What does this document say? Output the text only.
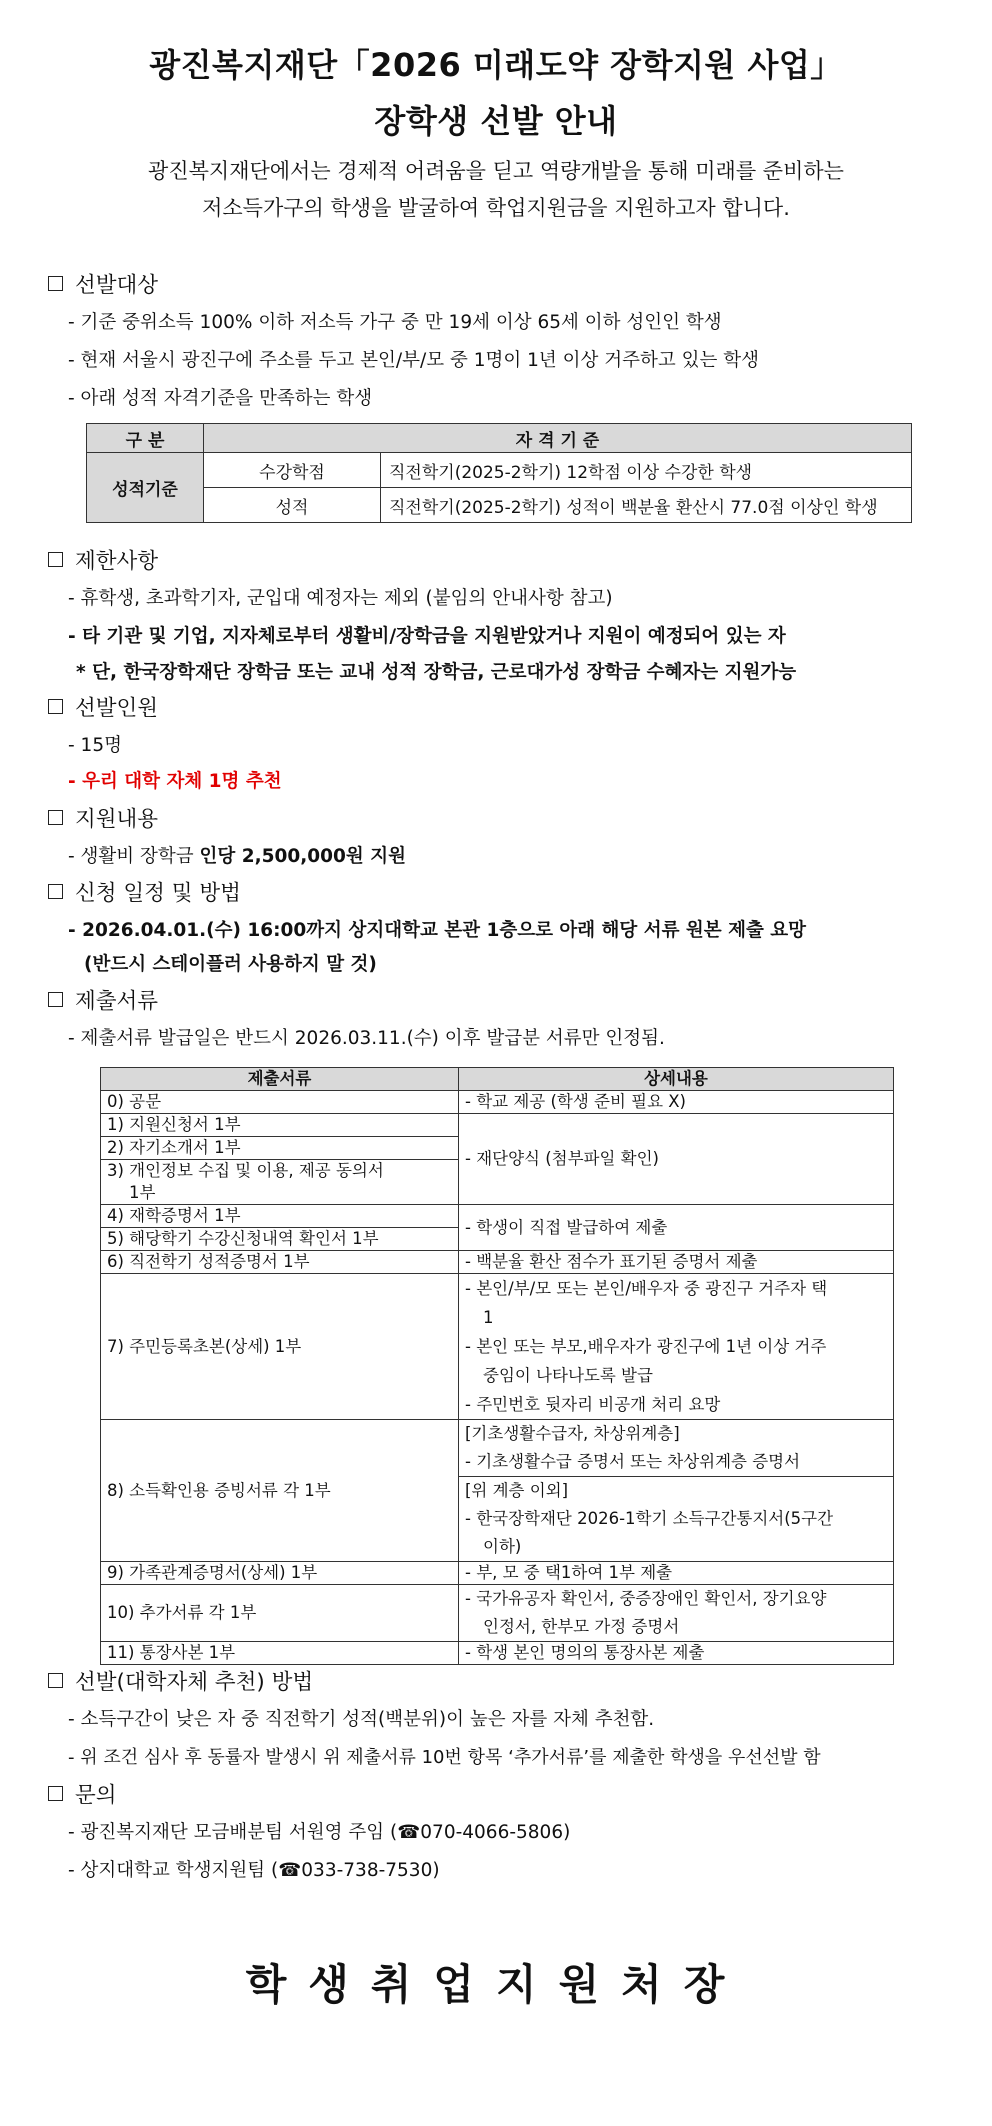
광진복지재단「2026 미래도약 장학지원 사업」
장학생 선발 안내
광진복지재단에서는 경제적 어려움을 딛고 역량개발을 통해 미래를 준비하는
저소득가구의 학생을 발굴하여 학업지원금을 지원하고자 합니다.
선발대상
- 기준 중위소득 100% 이하 저소득 가구 중 만 19세 이상 65세 이하 성인인 학생
- 현재 서울시 광진구에 주소를 두고 본인/부/모 중 1명이 1년 이상 거주하고 있는 학생
- 아래 성적 자격기준을 만족하는 학생
구 분	자 격 기 준	
성적기준	수강학점	직전학기(2025-2학기) 12학점 이상 수강한 학생
	성적	직전학기(2025-2학기) 성적이 백분율 환산시 77.0점 이상인 학생
제한사항
- 휴학생, 초과학기자, 군입대 예정자는 제외 (붙임의 안내사항 참고)
- 타 기관 및 기업, 지자체로부터 생활비/장학금을 지원받았거나 지원이 예정되어 있는 자
* 단, 한국장학재단 장학금 또는 교내 성적 장학금, 근로대가성 장학금 수혜자는 지원가능
선발인원
- 15명
- 우리 대학 자체 1명 추천
지원내용
- 생활비 장학금 인당 2,500,000원 지원
신청 일정 및 방법
- 2026.04.01.(수) 16:00까지 상지대학교 본관 1층으로 아래 해당 서류 원본 제출 요망
(반드시 스테이플러 사용하지 말 것)
제출서류
- 제출서류 발급일은 반드시 2026.03.11.(수) 이후 발급분 서류만 인정됨.
제출서류	상세내용
0) 공문	- 학교 제공 (학생 준비 필요 X)
1) 지원신청서 1부	- 재단양식 (첨부파일 확인)
2) 자기소개서 1부	

3) 개인정보 수집 및 이용, 제공 동의서
1부	

4) 재학증명서 1부	- 학생이 직접 발급하여 제출
5) 해당학기 수강신청내역 확인서 1부	
6) 직전학기 성적증명서 1부	- 백분율 환산 점수가 표기된 증명서 제출
7) 주민등록초본(상세) 1부	- 본인/부/모 또는 본인/배우자 중 광진구 거주자 택
1
- 본인 또는 부모,배우자가 광진구에 1년 이상 거주
중임이 나타나도록 발급
- 주민번호 뒷자리 비공개 처리 요망

8) 소득확인용 증빙서류 각 1부	[기초생활수급자, 차상위계층]
- 기초생활수급 증명서 또는 차상위계층 증명서

	[위 계층 이외]
- 한국장학재단 2026-1학기 소득구간통지서(5구간
이하)

9) 가족관계증명서(상세) 1부	- 부, 모 중 택1하여 1부 제출
10) 추가서류 각 1부	- 국가유공자 확인서, 중증장애인 확인서, 장기요양
인정서, 한부모 가정 증명서

11) 통장사본 1부	- 학생 본인 명의의 통장사본 제출
선발(대학자체 추천) 방법
- 소득구간이 낮은 자 중 직전학기 성적(백분위)이 높은 자를 자체 추천함.
- 위 조건 심사 후 동률자 발생시 위 제출서류 10번 항목 ‘추가서류’를 제출한 학생을 우선선발 함
문의
- 광진복지재단 모금배분팀 서원영 주임 (☎070-4066-5806)
- 상지대학교 학생지원팀 (☎033-738-7530)
학생취업지원처장
